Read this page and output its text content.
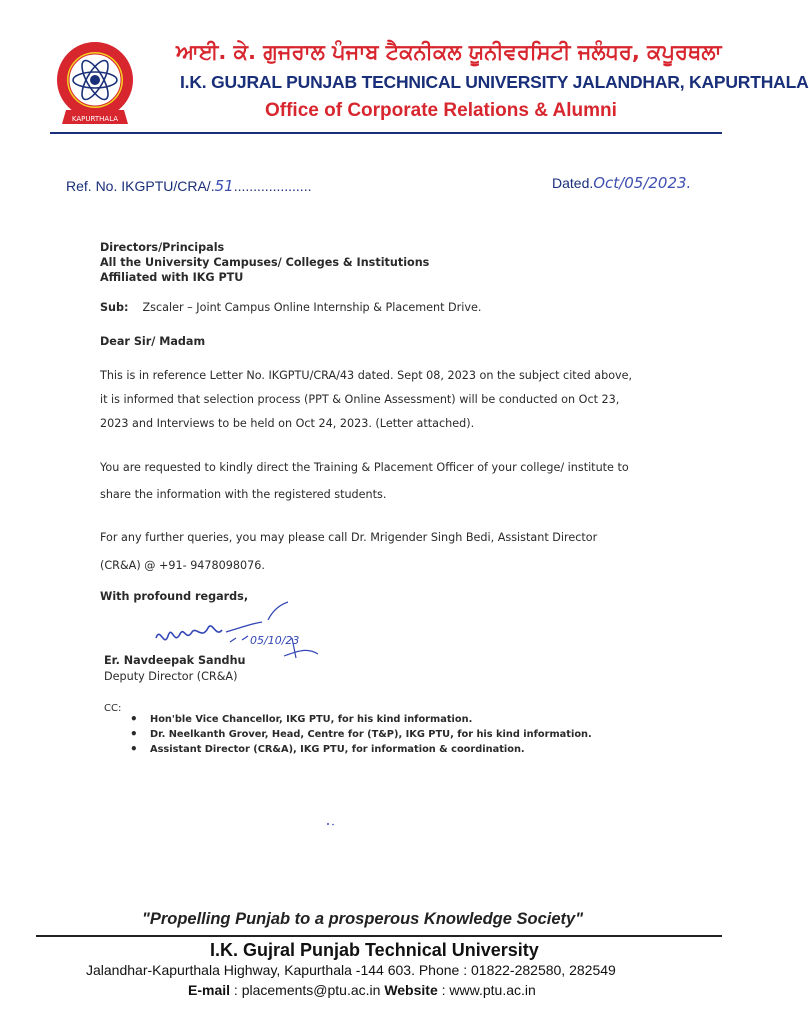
KAPURTHALA
ਆਈ. ਕੇ. ਗੁਜਰਾਲ ਪੰਜਾਬ ਟੈਕਨੀਕਲ ਯੂਨੀਵਰਸਿਟੀ ਜਲੰਧਰ, ਕਪੂਰਥਲਾ
I.K. GUJRAL PUNJAB TECHNICAL UNIVERSITY JALANDHAR, KAPURTHALA
Office of Corporate Relations & Alumni
Ref. No. IKGPTU/CRA/.51....................	Dated.Oct/05/2023.
Directors/Principals
All the University Campuses/ Colleges & Institutions
Affiliated with IKG PTU
Sub: Zscaler – Joint Campus Online Internship & Placement Drive.
Dear Sir/ Madam
This is in reference Letter No. IKGPTU/CRA/43 dated. Sept 08, 2023 on the subject cited above,
it is informed that selection process (PPT & Online Assessment) will be conducted on Oct 23,
2023 and Interviews to be held on Oct 24, 2023. (Letter attached).
You are requested to kindly direct the Training & Placement Officer of your college/ institute to
share the information with the registered students.
For any further queries, you may please call Dr. Mrigender Singh Bedi, Assistant Director
(CR&A) @ +91- 9478098076.
With profound regards,
05/10/23
Er. Navdeepak Sandhu
Deputy Director (CR&A)
CC:
• Hon'ble Vice Chancellor, IKG PTU, for his kind information.
• Dr. Neelkanth Grover, Head, Centre for (T&P), IKG PTU, for his kind information.
• Assistant Director (CR&A), IKG PTU, for information & coordination.
"Propelling Punjab to a prosperous Knowledge Society"
I.K. Gujral Punjab Technical University
Jalandhar-Kapurthala Highway, Kapurthala -144 603. Phone : 01822-282580, 282549
E-mail : placements@ptu.ac.in Website : www.ptu.ac.in
